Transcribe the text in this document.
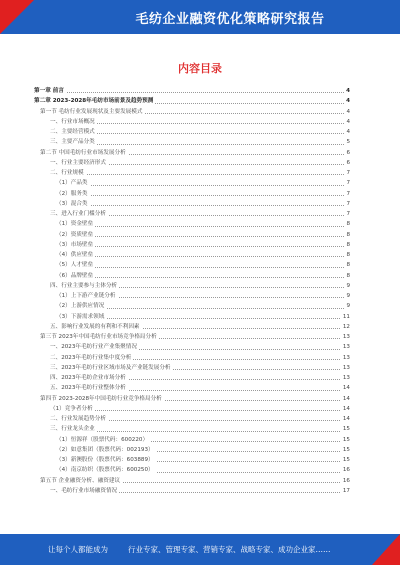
毛纺企业融资优化策略研究报告
内容目录
第一章 前言	4
第二章 2023-2028年毛纺市场前景及趋势预测	4
第一节 毛纺行业发展现状及主要发展模式	4
一、行业市场概况	4
二、主要经营模式	4
三、主要产品分类	5
第二节 中国毛纺行业市场发展分析	6
一、行业主要经济形式	6
二、行业规模	7
（1）产品类	7
（2）服务类	7
（3）混合类	7
三、进入行业门槛分析	7
（1）资金壁垒	8
（2）资质壁垒	8
（3）市场壁垒	8
（4）供应壁垒	8
（5）人才壁垒	8
（6）品牌壁垒	8
四、行业主要参与主体分析	9
（1）上下游产业链分析	9
（2）上游供应情况	9
（3）下游需求领域	11
五、影响行业发展的有利和不利因素	12
第三节 2023年中国毛纺行业市场竞争格局分析	13
一、2023年毛纺行业产业集聚情况	13
二、2023年毛纺行业集中度分析	13
三、2023年毛纺行业区域市场及产业链发展分析	13
四、2023年毛纺企业市场分析	13
五、2023年毛纺行业整体分析	14
第四节 2023-2028年中国毛纺行业竞争格局分析	14
（1）竞争者分析	14
二、行业发展趋势分析	14
三、行业龙头企业	15
（1）恒源祥（股票代码：600220）	15
（2）如意集团（股票代码：002193）	15
（3）新澳股份（股票代码：603889）	15
（4）南京纺织（股票代码：600250）	16
第五节 企业融资分析、融资建议	16
一、毛纺行业市场融资情况	17
让每个人都能成为	行业专家、管理专家、营销专家、战略专家、成功企业家……
